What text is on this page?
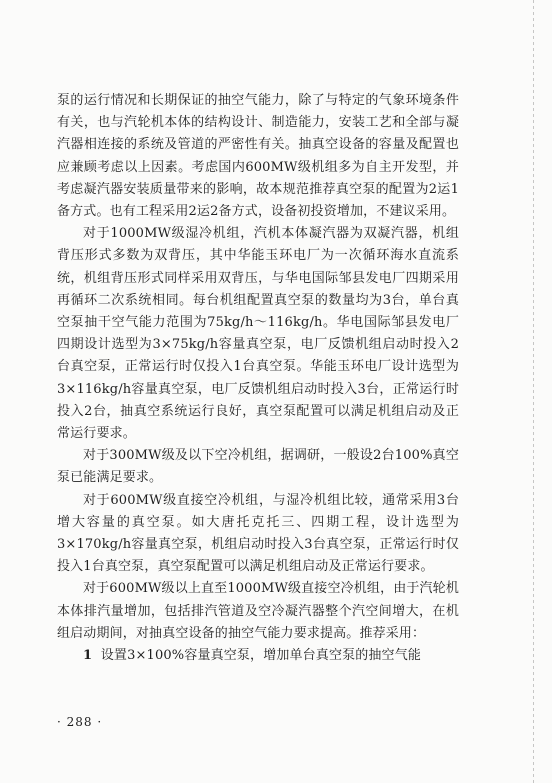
泵的运行情况和长期保证的抽空气能力，除了与特定的气象环境条件有关，也与汽轮机本体的结构设计、制造能力，安装工艺和全部与凝汽器相连接的系统及管道的严密性有关。抽真空设备的容量及配置也应兼顾考虑以上因素。考虑国内600MW级机组多为自主开发型，并考虑凝汽器安装质量带来的影响，故本规范推荐真空泵的配置为2运1备方式。也有工程采用2运2备方式，设备初投资增加，不建议采用。

对于1000MW级湿冷机组，汽机本体凝汽器为双凝汽器，机组背压形式多数为双背压，其中华能玉环电厂为一次循环海水直流系统，机组背压形式同样采用双背压，与华电国际邹县发电厂四期采用再循环二次系统相同。每台机组配置真空泵的数量均为3台，单台真空泵抽干空气能力范围为75kg/h～116kg/h。华电国际邹县发电厂四期设计选型为3×75kg/h容量真空泵，电厂反馈机组启动时投入2台真空泵，正常运行时仅投入1台真空泵。华能玉环电厂设计选型为3×116kg/h容量真空泵，电厂反馈机组启动时投入3台，正常运行时投入2台，抽真空系统运行良好，真空泵配置可以满足机组启动及正常运行要求。

对于300MW级及以下空冷机组，据调研，一般设2台100%真空泵已能满足要求。

对于600MW级直接空冷机组，与湿冷机组比较，通常采用3台增大容量的真空泵。如大唐托克托三、四期工程，设计选型为3×170kg/h容量真空泵，机组启动时投入3台真空泵，正常运行时仅投入1台真空泵，真空泵配置可以满足机组启动及正常运行要求。

对于600MW级以上直至1000MW级直接空冷机组，由于汽轮机本体排汽量增加，包括排汽管道及空冷凝汽器整个汽空间增大，在机组启动期间，对抽真空设备的抽空气能力要求提高。推荐采用：

1 设置3×100%容量真空泵，增加单台真空泵的抽空气能

· 288 ·
